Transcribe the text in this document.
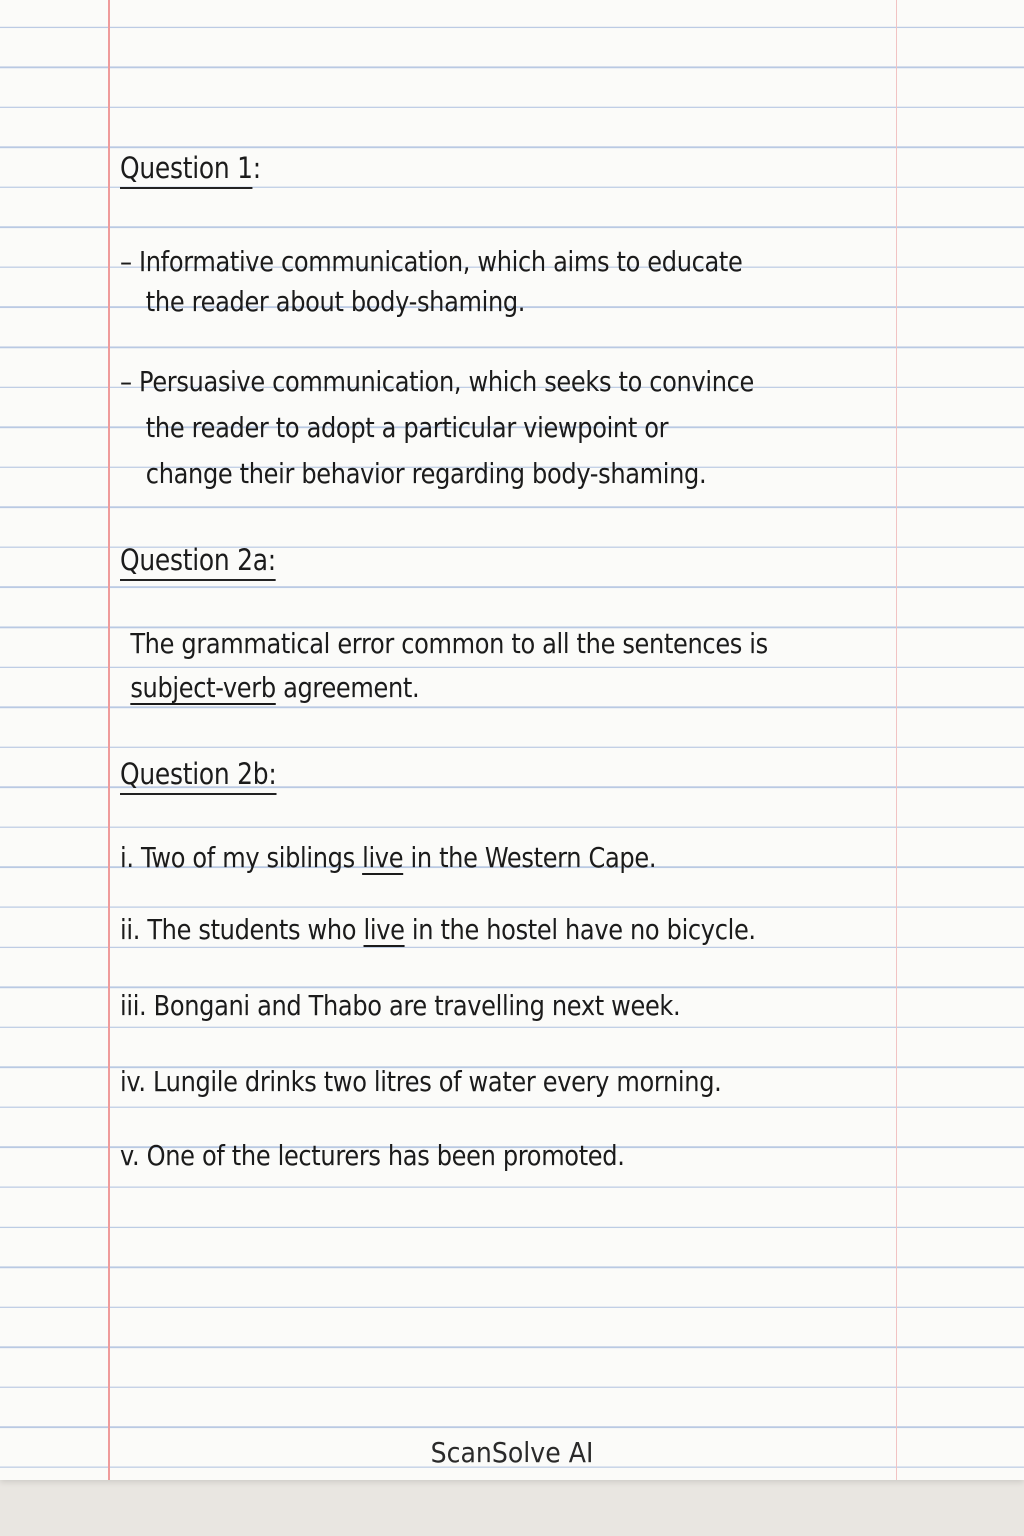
Question 1:
– Informative communication, which aims to educate
the reader about body-shaming.
– Persuasive communication, which seeks to convince
the reader to adopt a particular viewpoint or
change their behavior regarding body-shaming.
Question 2a:
The grammatical error common to all the sentences is
subject-verb agreement.
Question 2b:
i. Two of my siblings live in the Western Cape.
ii. The students who live in the hostel have no bicycle.
iii. Bongani and Thabo are travelling next week.
iv. Lungile drinks two litres of water every morning.
v. One of the lecturers has been promoted.
ScanSolve AI
